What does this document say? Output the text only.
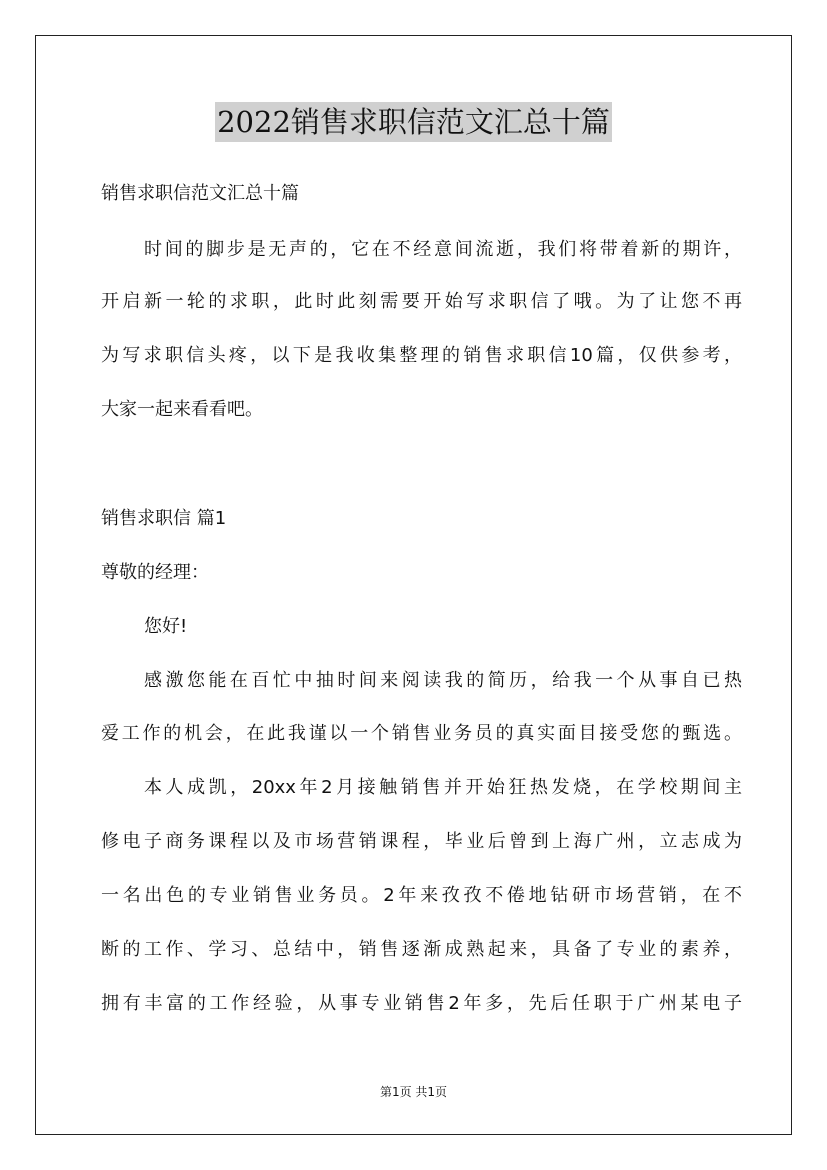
2022销售求职信范文汇总十篇
销售求职信范文汇总十篇
时间的脚步是无声的，它在不经意间流逝，我们将带着新的期许，
开启新一轮的求职，此时此刻需要开始写求职信了哦。为了让您不再
为写求职信头疼，以下是我收集整理的销售求职信10篇，仅供参考，
大家一起来看看吧。
销售求职信 篇1
尊敬的经理：
您好!
感激您能在百忙中抽时间来阅读我的简历，给我一个从事自已热
爱工作的机会，在此我谨以一个销售业务员的真实面目接受您的甄选。
本人成凯，20xx年2月接触销售并开始狂热发烧，在学校期间主
修电子商务课程以及市场营销课程，毕业后曾到上海广州，立志成为
一名出色的专业销售业务员。2年来孜孜不倦地钻研市场营销，在不
断的工作、学习、总结中，销售逐渐成熟起来，具备了专业的素养，
拥有丰富的工作经验，从事专业销售2年多，先后任职于广州某电子
第1页 共1页
